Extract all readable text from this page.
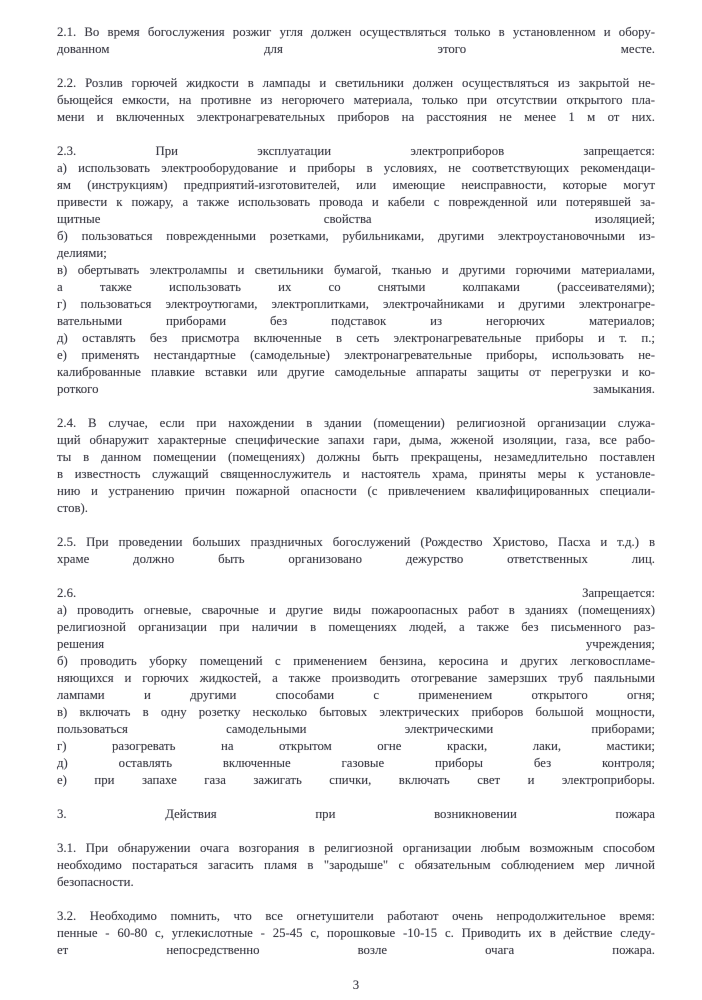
2.1. Во время богослужения розжиг угля должен осуществляться только в установленном и обору-
дованном для этого месте.
2.2. Розлив горючей жидкости в лампады и светильники должен осуществляться из закрытой не-
бьющейся емкости, на противне из негорючего материала, только при отсутствии открытого пла-
мени и включенных электронагревательных приборов на расстояния не менее 1 м от них.
2.3. При эксплуатации электроприборов запрещается:
а) использовать электрооборудование и приборы в условиях, не соответствующих рекомендаци-
ям (инструкциям) предприятий-изготовителей, или имеющие неисправности, которые могут
привести к пожару, а также использовать провода и кабели с поврежденной или потерявшей за-
щитные свойства изоляцией;
б) пользоваться поврежденными розетками, рубильниками, другими электроустановочными из-
делиями;
в) обертывать электролампы и светильники бумагой, тканью и другими горючими материалами,
а также использовать их со снятыми колпаками (рассеивателями);
г) пользоваться электроутюгами, электроплитками, электрочайниками и другими электронагре-
вательными приборами без подставок из негорючих материалов;
д) оставлять без присмотра включенные в сеть электронагревательные приборы и т. п.;
е) применять нестандартные (самодельные) электронагревательные приборы, использовать не-
калиброванные плавкие вставки или другие самодельные аппараты защиты от перегрузки и ко-
роткого замыкания.
2.4. В случае, если при нахождении в здании (помещении) религиозной организации служа-
щий обнаружит характерные специфические запахи гари, дыма, жженой изоляции, газа, все рабо-
ты в данном помещении (помещениях) должны быть прекращены, незамедлительно поставлен
в известность служащий священнослужитель и настоятель храма, приняты меры к установле-
нию и устранению причин пожарной опасности (с привлечением квалифицированных специали-
стов).
2.5. При проведении больших праздничных богослужений (Рождество Христово, Пасха и т.д.) в
храме должно быть организовано дежурство ответственных лиц.
2.6. Запрещается:
а) проводить огневые, сварочные и другие виды пожароопасных работ в зданиях (помещениях)
религиозной организации при наличии в помещениях людей, а также без письменного раз-
решения учреждения;
б) проводить уборку помещений с применением бензина, керосина и других легковоспламе-
няющихся и горючих жидкостей, а также производить отогревание замерзших труб паяльными
лампами и другими способами с применением открытого огня;
в) включать в одну розетку несколько бытовых электрических приборов большой мощности,
пользоваться самодельными электрическими приборами;
г) разогревать на открытом огне краски, лаки, мастики;
д) оставлять включенные газовые приборы без контроля;
е) при запахе газа зажигать спички, включать свет и электроприборы.
3. Действия при возникновении пожара
3.1. При обнаружении очага возгорания в религиозной организации любым возможным способом
необходимо постараться загасить пламя в "зародыше" с обязательным соблюдением мер личной
безопасности.
3.2. Необходимо помнить, что все огнетушители работают очень непродолжительное время:
пенные - 60-80 с, углекислотные - 25-45 с, порошковые -10-15 с. Приводить их в действие следу-
ет непосредственно возле очага пожара.
3
